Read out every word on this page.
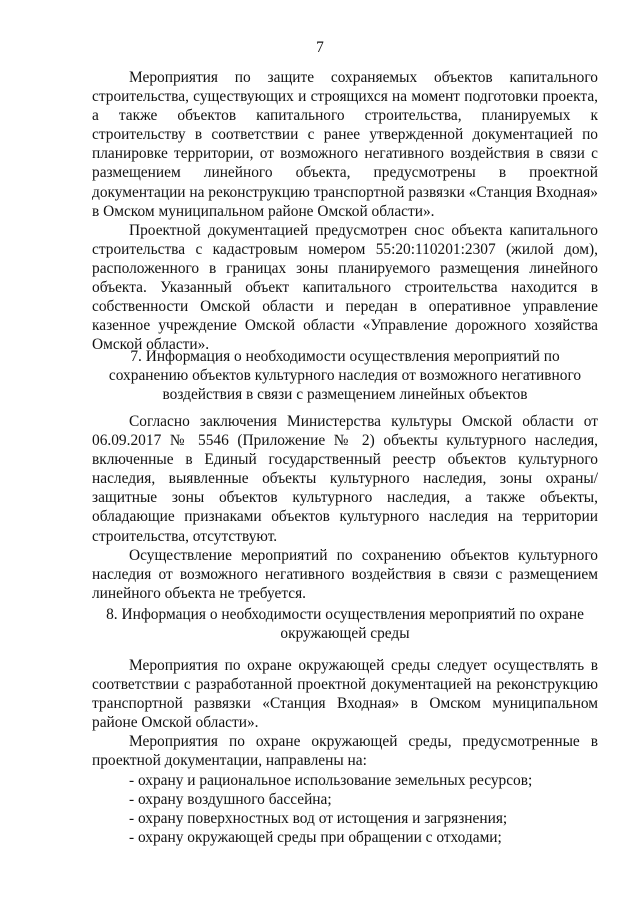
7

Мероприятия по защите сохраняемых объектов капитального строительства, существующих и строящихся на момент подготовки проекта, а также объектов капитального строительства, планируемых к строительству в соответствии с ранее утвержденной документацией по планировке территории, от возможного негативного воздействия в связи с размещением линейного объекта, предусмотрены в проектной документации на реконструкцию транспортной развязки «Станция Входная» в Омском муниципальном районе Омской области».

Проектной документацией предусмотрен снос объекта капитального строительства с кадастровым номером 55:20:110201:2307 (жилой дом), расположенного в границах зоны планируемого размещения линейного объекта. Указанный объект капитального строительства находится в собственности Омской области и передан в оперативное управление казенное учреждение Омской области «Управление дорожного хозяйства Омской области».

7. Информация о необходимости осуществления мероприятий по сохранению объектов культурного наследия от возможного негативного воздействия в связи с размещением линейных объектов

Согласно заключения Министерства культуры Омской области от 06.09.2017 № 5546 (Приложение № 2) объекты культурного наследия, включенные в Единый государственный реестр объектов культурного наследия, выявленные объекты культурного наследия, зоны охраны/защитные зоны объектов культурного наследия, а также объекты, обладающие признаками объектов культурного наследия на территории строительства, отсутствуют.

Осуществление мероприятий по сохранению объектов культурного наследия от возможного негативного воздействия в связи с размещением линейного объекта не требуется.

8. Информация о необходимости осуществления мероприятий по охране окружающей среды

Мероприятия по охране окружающей среды следует осуществлять в соответствии с разработанной проектной документацией на реконструкцию транспортной развязки «Станция Входная» в Омском муниципальном районе Омской области».

Мероприятия по охране окружающей среды, предусмотренные в проектной документации, направлены на:

- охрану и рациональное использование земельных ресурсов;
- охрану воздушного бассейна;
- охрану поверхностных вод от истощения и загрязнения;
- охрану окружающей среды при обращении с отходами;
